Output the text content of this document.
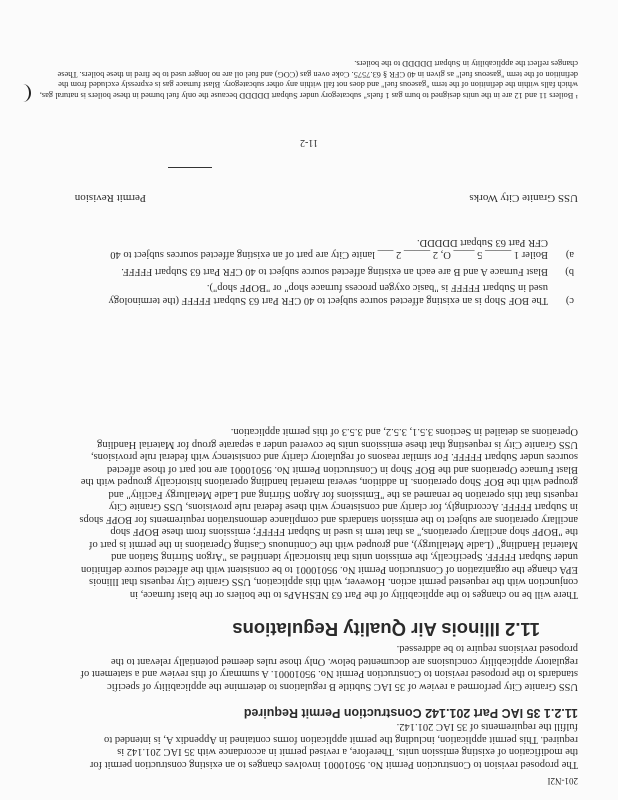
201-N2I

The proposed revision to Construction Permit No. 95010001 involves changes to an existing construction permit for the modification of existing emission units. Therefore, a revised permit in accordance with 35 IAC 201.142 is required. This permit application, including the permit application forms contained in Appendix A, is intended to fulfill the requirements of 35 IAC 201.142.

11.2.1 35 IAC Part 201.142 Construction Permit Required

USS Granite City performed a review of 35 IAC Subtitle B regulations to determine the applicability of specific standards to the proposed revision to Construction Permit No. 95010001. A summary of this review and a statement of regulatory applicability conclusions are documented below. Only those rules deemed potentially relevant to the proposed revisions require to be addressed.

11.2 Illinois Air Quality Regulations

There will be no changes to the applicability of the Part 63 NESHAPs to the boilers or the blast furnace, in conjunction with the requested permit action. However, with this application, USS Granite City requests that Illinois EPA change the organization of Construction Permit No. 95010001 to be consistent with the affected source definition under Subpart FFFFF. Specifically, the emission units that historically identified as "Argon Stirring Station and Material Handling" (Ladle Metallurgy), and grouped with the Continuous Casting Operations in the permit is part of the "BOPF shop ancillary operations," as that term is used in Subpart FFFFF; emissions from these BOPF shop ancillary operations are subject to the emission standards and compliance demonstration requirements for BOPF shops in Subpart FFFFF. Accordingly, for clarity and consistency with these federal rule provisions, USS Granite City requests that this operation be renamed as the "Emissions for Argon Stirring and Ladle Metallurgy Facility" and grouped with the BOF Shop operations. In addition, several material handling operations historically grouped with the Blast Furnace Operations and the BOF Shop in Construction Permit No. 95010001 are not part of those affected sources under Subpart FFFFF. For similar reasons of regulatory clarity and consistency with federal rule provisions, USS Granite City is requesting that these emissions units be covered under a separate group for Material Handling Operations as detailed in Sections 3.5.1, 3.5.2, and 3.5.3 of this permit application.

c)
The BOF Shop is an existing affected source subject to 40 CFR Part 63 Subpart FFFFF (the terminology used in Subpart FFFFF is "basic oxygen process furnace shop" or "BOPF shop").
b)
Blast Furnace A and B are each an existing affected source subject to 40 CFR Part 63 Subpart FFFFF.
a)
Boiler 1 _____ 5 ____ O, 2 _____ 2 ___ lanite City are part of an existing affected sources subject to 40 CFR Part 63 Subpart DDDDD.
USS Granite City Works
Permit Revision
11-2
¹ Boilers 11 and 12 are in the units designed to burn gas 1 fuels" subcategory under Subpart DDDDD because the only fuel burned in these boilers is natural gas, which falls within the definition of the term "gaseous fuel" and does not fall within any other subcategory. Blast furnace gas is expressly excluded from the definition of the term "gaseous fuel" as given in 40 CFR § 63.7575. Coke oven gas (COG) and fuel oil are no longer used to be fired in these boilers. These changes reflect the applicability in Subpart DDDDD to the boilers.
